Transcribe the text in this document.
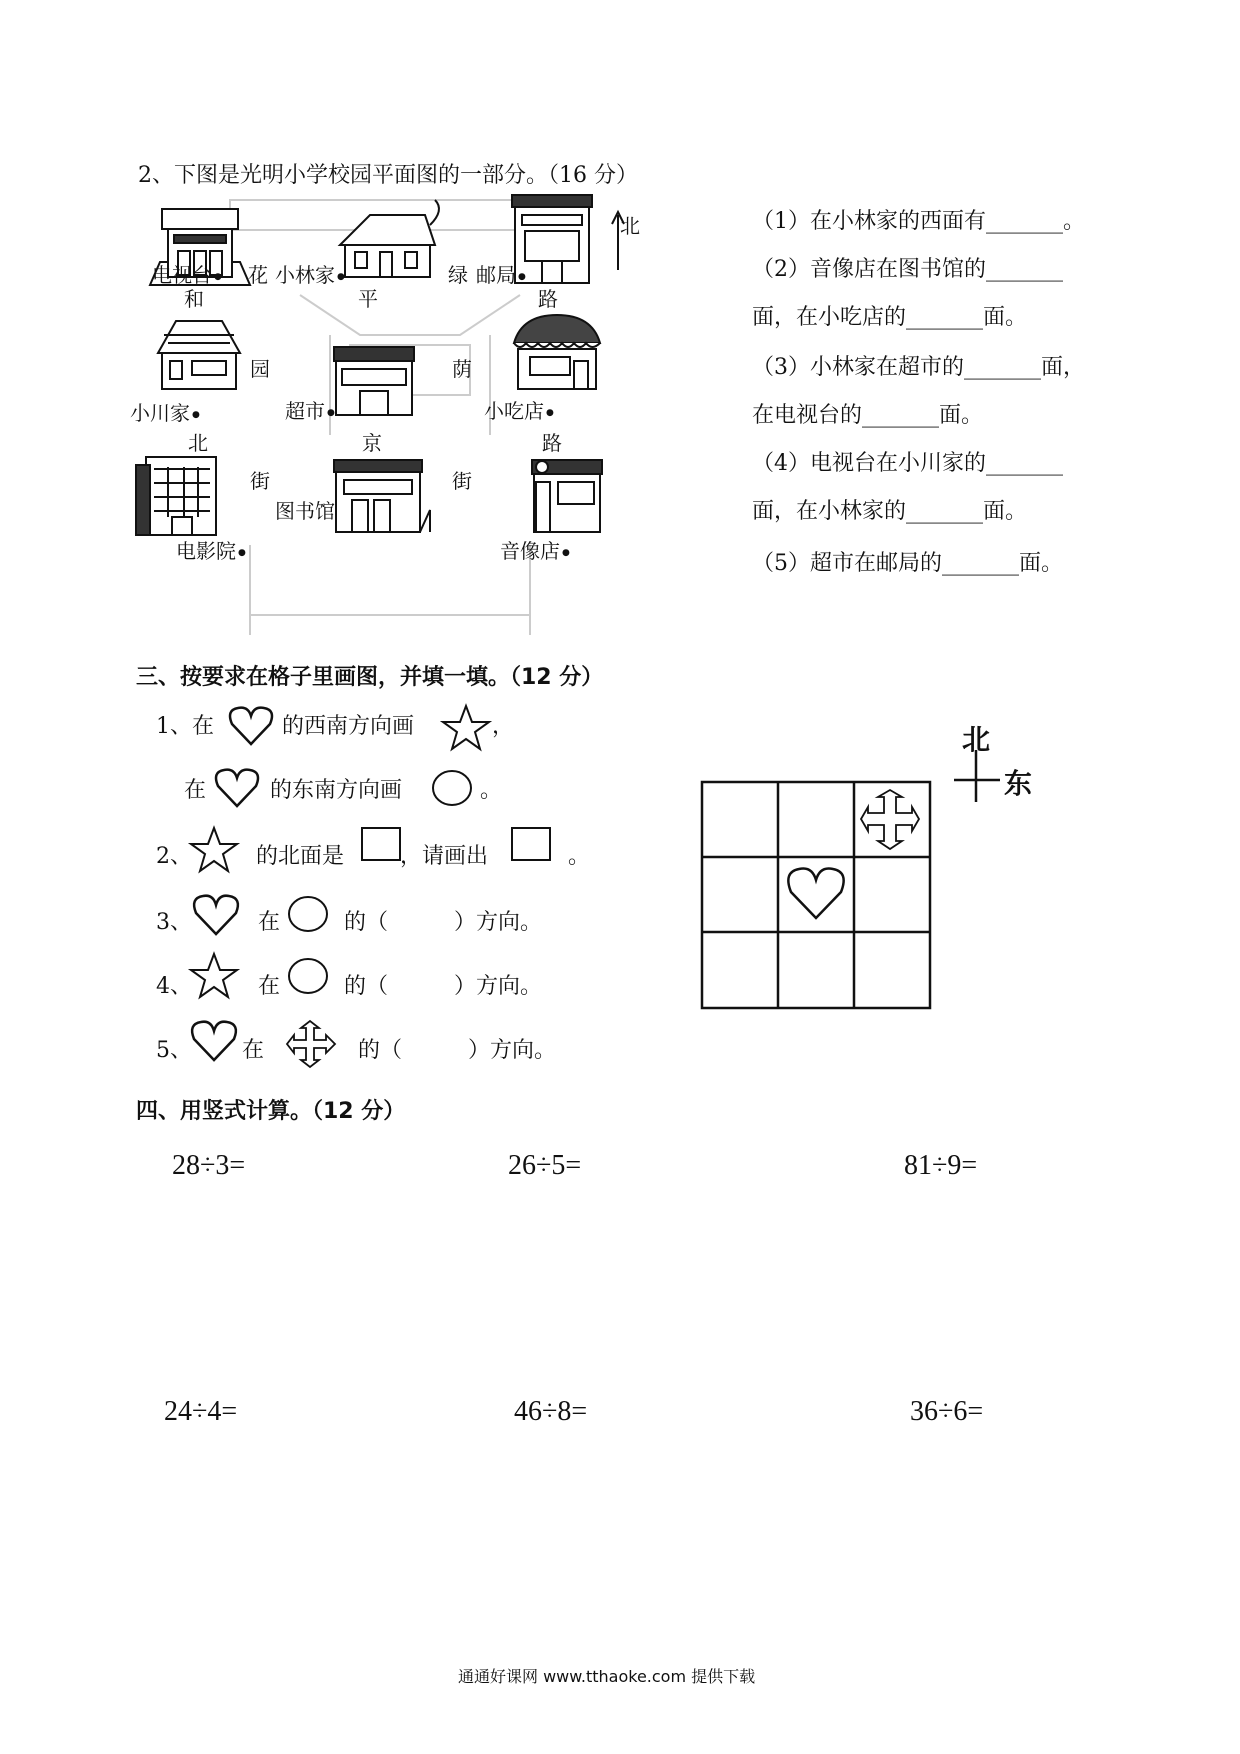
2、下图是光明小学校园平面图的一部分。（16 分）
北
电视台 ●	花 小林家 ●	绿 邮局 ●
和	平	路
园	荫
小川家 ●	超市 ●	小吃店 ●
北	京	路
街	街
图书馆
电影院 ●	音像店 ●
（1）在小林家的西面有_______。
（2）音像店在图书馆的_______
面，在小吃店的_______面。
（3）小林家在超市的_______面，
在电视台的_______面。
（4）电视台在小川家的_______
面，在小林家的_______面。
（5）超市在邮局的_______面。
三、按要求在格子里画图，并填一填。（12 分）
1、在	的西南方向画	，
在	的东南方向画	。
2、	的北面是	，请画出	。
3、	在	的（　　　）方向。
4、	在	的（　　　）方向。
5、 在	的（　　　）方向。
北
东
四、用竖式计算。（12 分）
28÷3=	26÷5=	81÷9=
24÷4=	46÷8=	36÷6=
通通好课网 www.tthaoke.com 提供下载
